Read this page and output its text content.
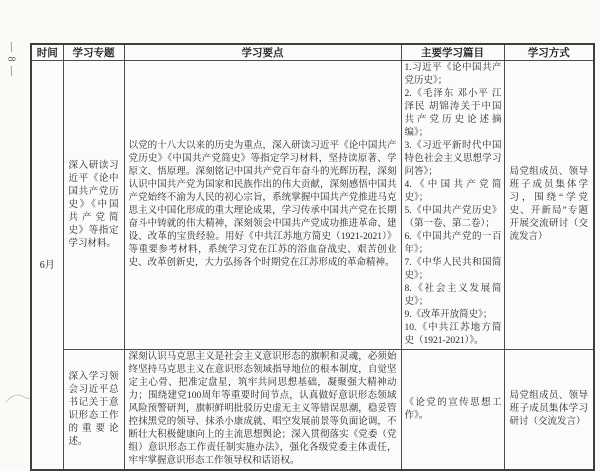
— 8 — 时间	学习专题	学习要点	主要学习篇目	学习方式
6月	深入研读习近平《论中国共产党历史》《中国共产党简史》等指定学习材料。	以党的十八大以来的历史为重点，深入研读习近平《论中国共产党历史》《中国共产党简史》等指定学习材料，坚持读原著、学原文、悟原理。深刻铭记中国共产党百年奋斗的光辉历程，深刻认识中国共产党为国家和民族作出的伟大贡献，深刻感悟中国共产党始终不渝为人民的初心宗旨，系统掌握中国共产党推进马克思主义中国化形成的重大理论成果，学习传承中国共产党在长期奋斗中铸就的伟大精神，深刻领会中国共产党成功推进革命、建设、改革的宝贵经验。用好《中共江苏地方简史（1921-2021）》等重要参考材料，系统学习党在江苏的浴血奋战史、艰苦创业史、改革创新史，大力弘扬各个时期党在江苏形成的革命精神。	
1.习近平《论中国共产党历史》；
2.《毛泽东 邓小平 江泽民 胡锦涛关于中国共产党历史论述摘编》；
3.《习近平新时代中国特色社会主义思想学习问答》；
4.《中国共产党简史》；
5.《中国共产党历史》（第一卷、第二卷）；
6.《中国共产党的一百年》；
7.《中华人民共和国简史》；
8.《社会主义发展简史》；
9.《改革开放简史》；
10.《中共江苏地方简史（1921-2021）》。
	局党组成员、领导班子成员集体学习，围绕“学党史、开新局”专题开展交流研讨（交流发言）
	深入学习领会习近平总书记关于意识形态工作的重要论述。	深刻认识马克思主义是社会主义意识形态的旗帜和灵魂，必须始终坚持马克思主义在意识形态领域指导地位的根本制度，自觉坚定主心骨、把准定盘星，筑牢共同思想基础，凝聚强大精神动力；围绕建党100周年等重要时间节点，认真做好意识形态领域风险预警研判，旗帜鲜明批驳历史虚无主义等错误思潮，稳妥管控抹黑党的领导、抹杀小康成就、唱空发展前景等负面论调，不断壮大积极健康向上的主流思想舆论；深入贯彻落实《党委（党组）意识形态工作责任制实施办法》，强化各级党委主体责任，牢牢掌握意识形态工作领导权和话语权。	《论党的宣传思想工作》。	局党组成员、领导班子成员集体学习研讨（交流发言）
